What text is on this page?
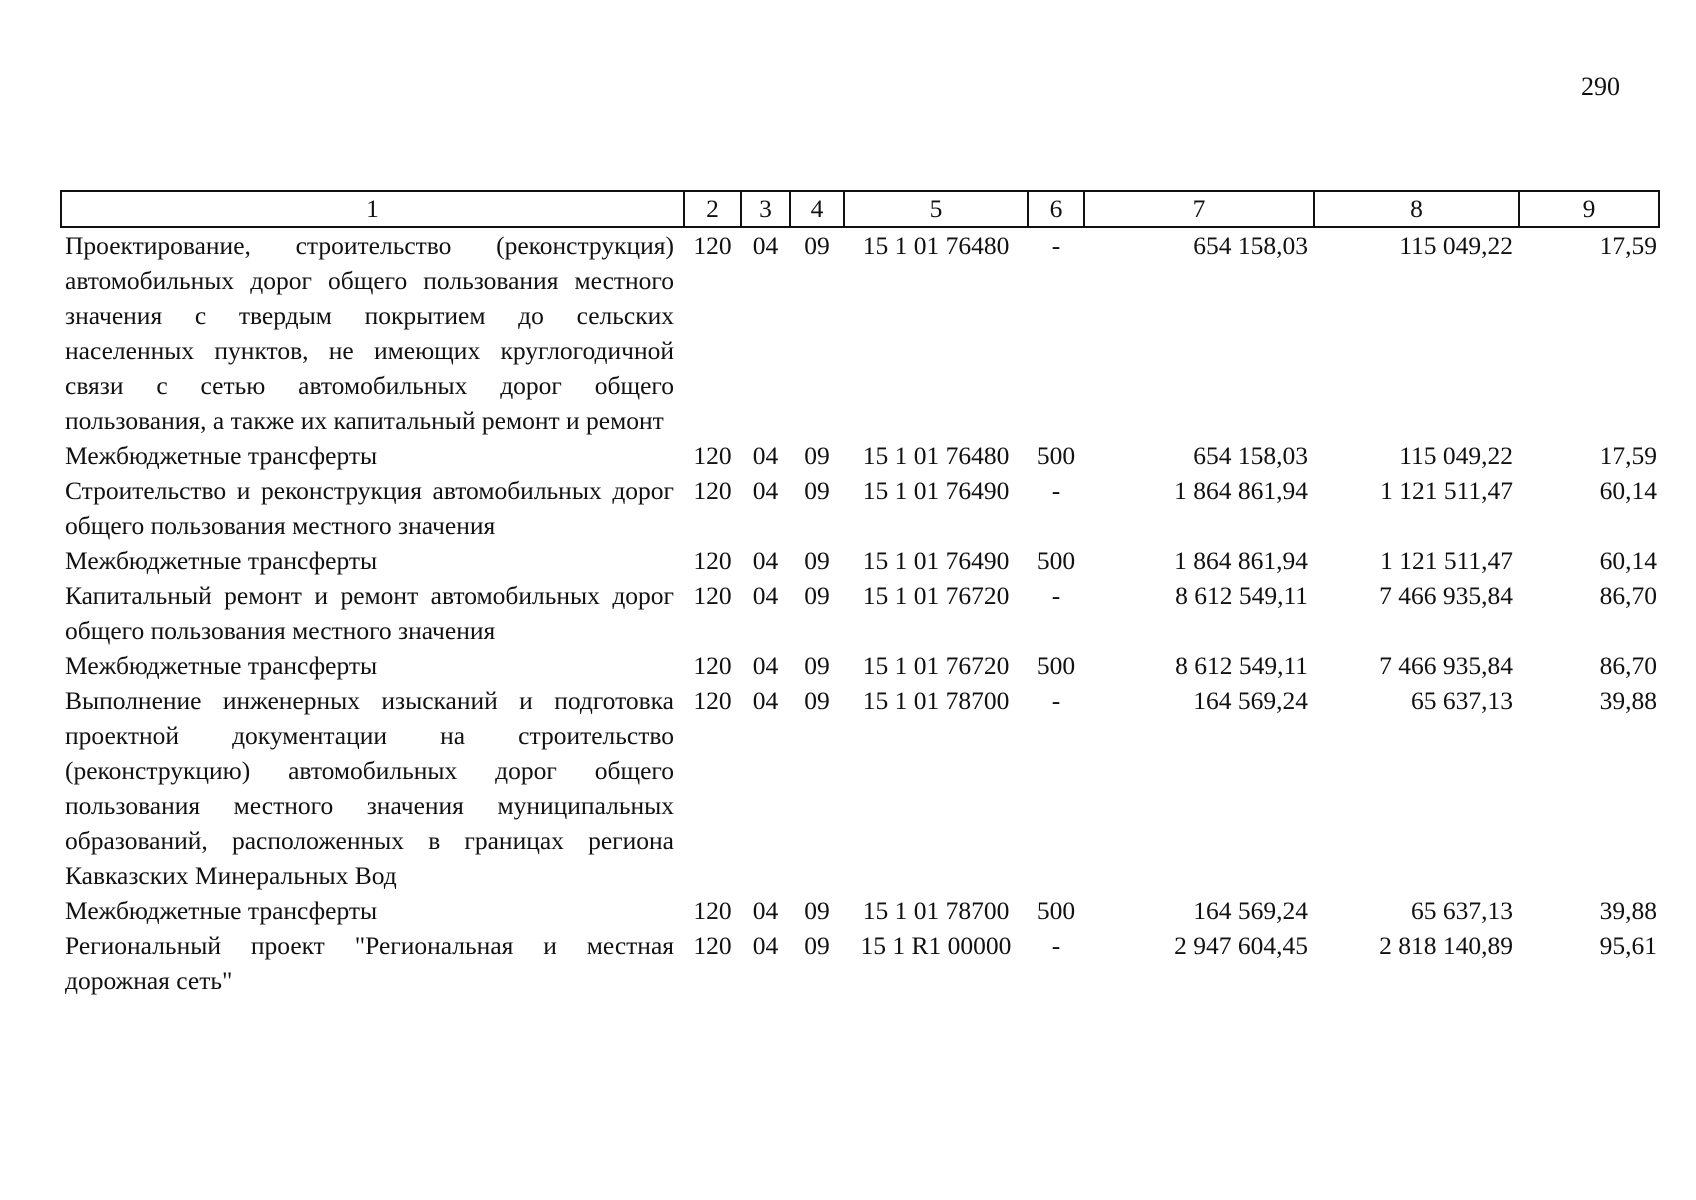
290
1	2	3	4	5	6	7	8	9
Проектирование, строительство (реконструкция) автомобильных дорог общего пользования местного значения с твердым покрытием до сельских населенных пунктов, не имеющих круглогодичной связи с сетью автомобильных дорог общего пользования, а также их капитальный ремонт и ремонт	120	04	09	15 1 01 76480	-	654 158,03	115 049,22	17,59
Межбюджетные трансферты	120	04	09	15 1 01 76480	500	654 158,03	115 049,22	17,59
Строительство и реконструкция автомобильных дорог общего пользования местного значения	120	04	09	15 1 01 76490	-	1 864 861,94	1 121 511,47	60,14
Межбюджетные трансферты	120	04	09	15 1 01 76490	500	1 864 861,94	1 121 511,47	60,14
Капитальный ремонт и ремонт автомобильных дорог общего пользования местного значения	120	04	09	15 1 01 76720	-	8 612 549,11	7 466 935,84	86,70
Межбюджетные трансферты	120	04	09	15 1 01 76720	500	8 612 549,11	7 466 935,84	86,70
Выполнение инженерных изысканий и подготовка проектной документации на строительство (реконструкцию) автомобильных дорог общего пользования местного значения муниципальных образований, расположенных в границах региона Кавказских Минеральных Вод	120	04	09	15 1 01 78700	-	164 569,24	65 637,13	39,88
Межбюджетные трансферты	120	04	09	15 1 01 78700	500	164 569,24	65 637,13	39,88
Региональный проект "Региональная и местная дорожная сеть"	120	04	09	15 1 R1 00000	-	2 947 604,45	2 818 140,89	95,61
